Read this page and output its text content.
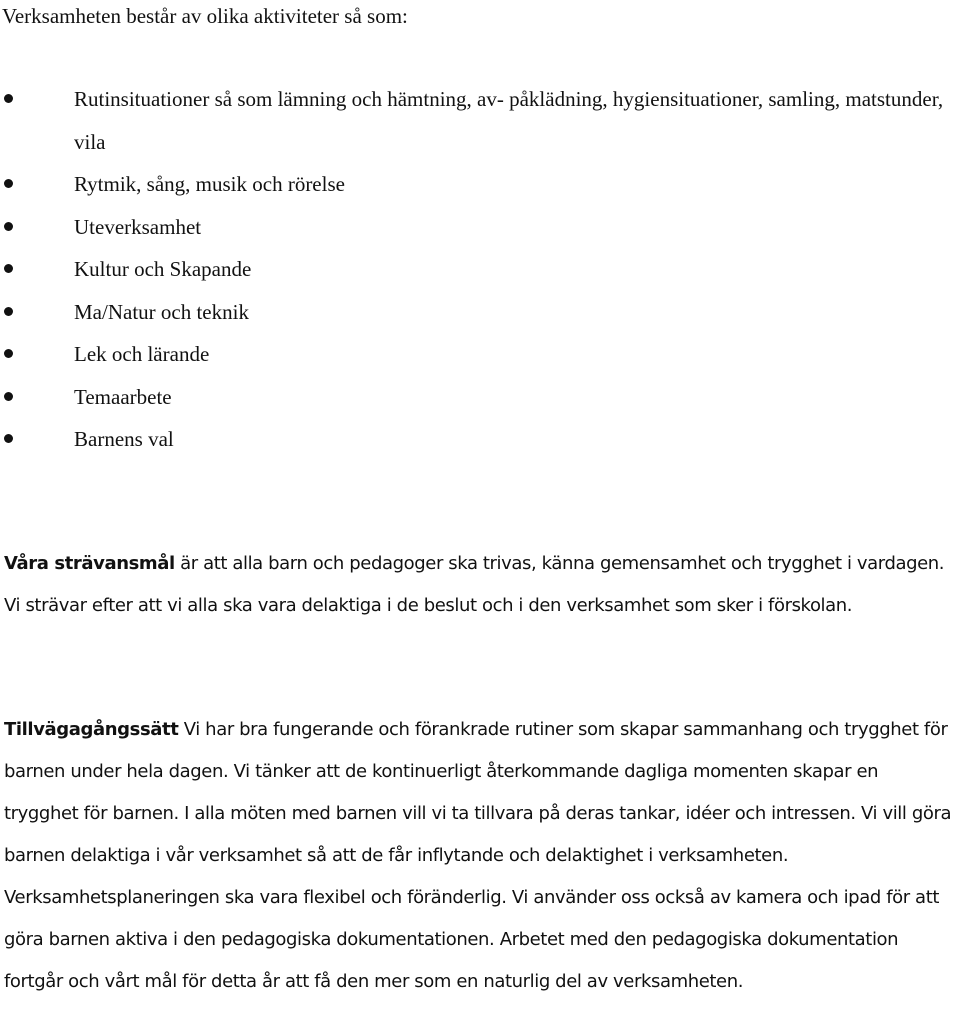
Verksamheten består av olika aktiviteter så som:

Rutinsituationer så som lämning och hämtning, av- påklädning, hygiensituationer, samling, matstunder, vila
Rytmik, sång, musik och rörelse
Uteverksamhet
Kultur och Skapande
Ma/Natur och teknik
Lek och lärande
Temaarbete
Barnens val

Våra strävansmål är att alla barn och pedagoger ska trivas, känna gemensamhet och trygghet i vardagen. Vi strävar efter att vi alla ska vara delaktiga i de beslut och i den verksamhet som sker i förskolan.

Tillvägagångssätt Vi har bra fungerande och förankrade rutiner som skapar sammanhang och trygghet för barnen under hela dagen. Vi tänker att de kontinuerligt återkommande dagliga momenten skapar en trygghet för barnen. I alla möten med barnen vill vi ta tillvara på deras tankar, idéer och intressen. Vi vill göra barnen delaktiga i vår verksamhet så att de får inflytande och delaktighet i verksamheten. Verksamhetsplaneringen ska vara flexibel och föränderlig. Vi använder oss också av kamera och ipad för att göra barnen aktiva i den pedagogiska dokumentationen. Arbetet med den pedagogiska dokumentation fortgår och vårt mål för detta år att få den mer som en naturlig del av verksamheten.
